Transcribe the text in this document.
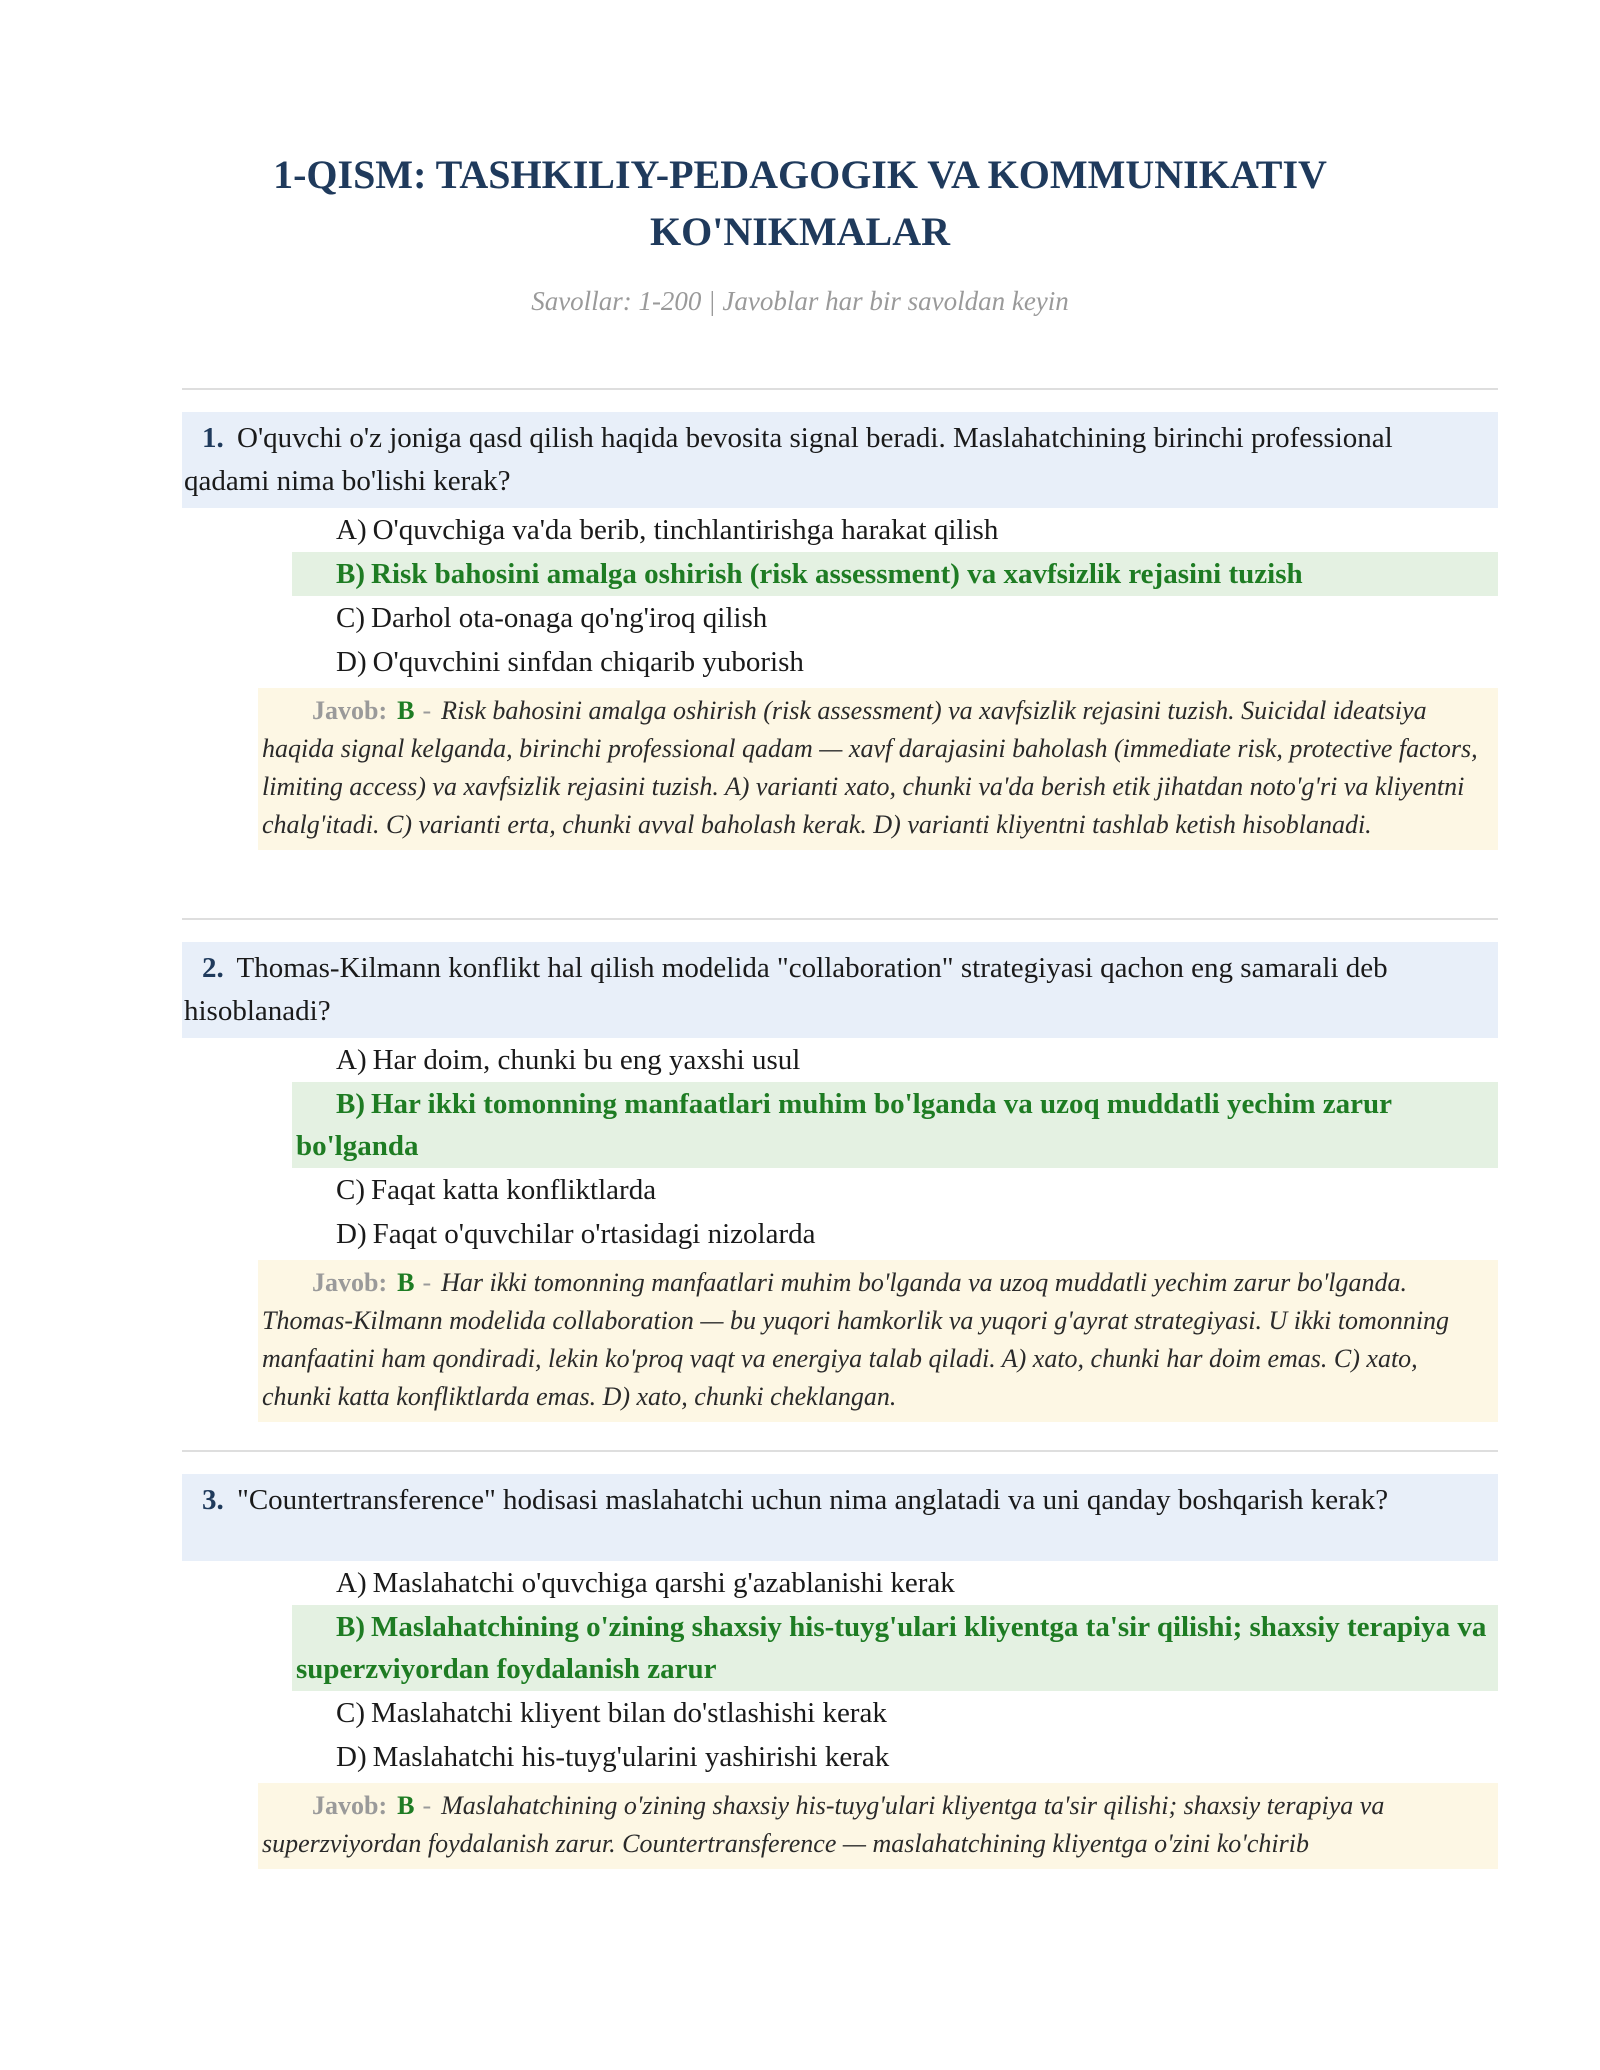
1-QISM: TASHKILIY-PEDAGOGIK VA KOMMUNIKATIV KO'NIKMALAR

Savollar: 1-200 | Javoblar har bir savoldan keyin

1. O'quvchi o'z joniga qasd qilish haqida bevosita signal beradi. Maslahatchining birinchi professional qadami nima bo'lishi kerak?
A) O'quvchiga va'da berib, tinchlantirishga harakat qilish
B) Risk bahosini amalga oshirish (risk assessment) va xavfsizlik rejasini tuzish
C) Darhol ota-onaga qo'ng'iroq qilish
D) O'quvchini sinfdan chiqarib yuborish
Javob: B - Risk bahosini amalga oshirish (risk assessment) va xavfsizlik rejasini tuzish. Suicidal ideatsiya haqida signal kelganda, birinchi professional qadam — xavf darajasini baholash (immediate risk, protective factors, limiting access) va xavfsizlik rejasini tuzish. A) varianti xato, chunki va'da berish etik jihatdan noto'g'ri va kliyentni chalg'itadi. C) varianti erta, chunki avval baholash kerak. D) varianti kliyentni tashlab ketish hisoblanadi.
2. Thomas-Kilmann konflikt hal qilish modelida "collaboration" strategiyasi qachon eng samarali deb hisoblanadi?
A) Har doim, chunki bu eng yaxshi usul
B) Har ikki tomonning manfaatlari muhim bo'lganda va uzoq muddatli yechim zarur bo'lganda
C) Faqat katta konfliktlarda
D) Faqat o'quvchilar o'rtasidagi nizolarda
Javob: B - Har ikki tomonning manfaatlari muhim bo'lganda va uzoq muddatli yechim zarur bo'lganda. Thomas-Kilmann modelida collaboration — bu yuqori hamkorlik va yuqori g'ayrat strategiyasi. U ikki tomonning manfaatini ham qondiradi, lekin ko'proq vaqt va energiya talab qiladi. A) xato, chunki har doim emas. C) xato, chunki katta konfliktlarda emas. D) xato, chunki cheklangan.
3. "Countertransference" hodisasi maslahatchi uchun nima anglatadi va uni qanday boshqarish kerak?
A) Maslahatchi o'quvchiga qarshi g'azablanishi kerak
B) Maslahatchining o'zining shaxsiy his-tuyg'ulari kliyentga ta'sir qilishi; shaxsiy terapiya va superzviyordan foydalanish zarur
C) Maslahatchi kliyent bilan do'stlashishi kerak
D) Maslahatchi his-tuyg'ularini yashirishi kerak
Javob: B - Maslahatchining o'zining shaxsiy his-tuyg'ulari kliyentga ta'sir qilishi; shaxsiy terapiya va superzviyordan foydalanish zarur. Countertransference — maslahatchining kliyentga o'zini ko'chirib
